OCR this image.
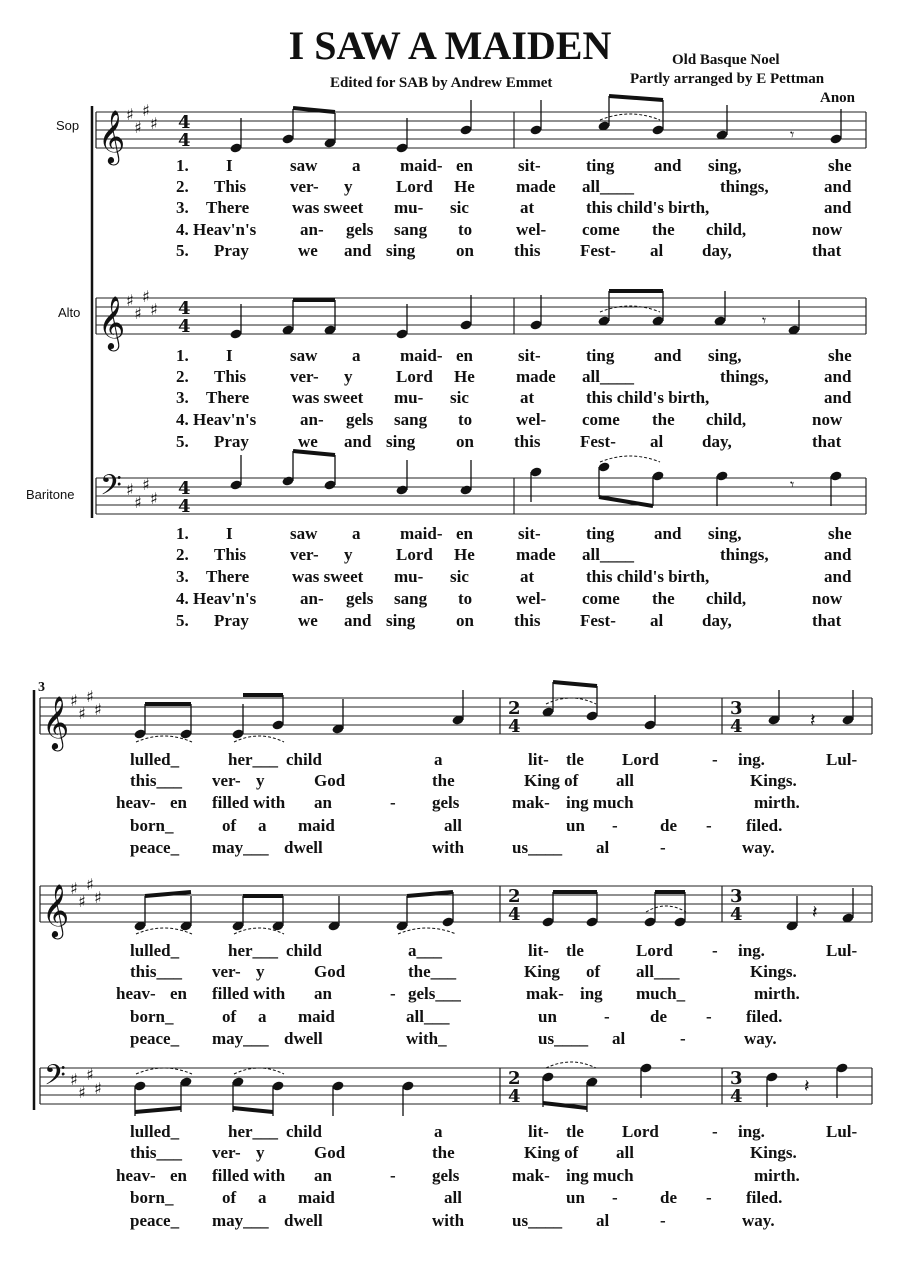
I SAW A MAIDEN
Edited for SAB by Andrew Emmet
Old Basque Noel
Partly arranged by E Pettman
Anon
Sop
Alto
Baritone
3
𝄞 ♯
♯
♯
♯ 4
4
𝄞 ♯
♯
♯
♯ 4
4
𝄢 ♯
♯
♯
♯ 4
4
𝄾
𝄾
𝄾
𝄞 ♯
♯
♯
♯	2
4
3
4
𝄞 ♯
♯
♯
♯	2
4
3
4
𝄢 ♯
♯
♯
♯	2
4
3
4
𝄽
𝄽
𝄽
1. I	saw a maid- en	sit-	ting and sing,	she
2. This	ver- y	Lord He made all____	things,	and
3. There	was sweet mu- sic	at	this child's birth,	and
4. Heav'n's	an- gels sang to	wel- come the child,	now
5. Pray	we and sing on this Fest- al day,	that
1. I	saw a maid- en	sit-	ting and sing,	she
2. This	ver- y	Lord He made all____	things,	and
3. There	was sweet mu- sic	at	this child's birth,	and
4. Heav'n's	an- gels sang to	wel- come the child,	now
5. Pray	we and sing on this Fest- al day,	that
1. I	saw a maid- en	sit-	ting and sing,	she
2. This	ver- y	Lord He made all____	things,	and
3. There	was sweet mu- sic	at	this child's birth,	and
4. Heav'n's	an- gels sang to	wel- come the child,	now
5. Pray	we and sing on this Fest- al day,	that
lulled_	her___ child	a	lit- tle Lord	- ing.	Lul-
this___ ver- y	God	the	King of all	Kings.
heav- en filled with an	- gels	mak- ing much	mirth.
born_	of a maid	all	un - de - filed.
peace_ may___ dwell	with	us____ al	-	way.
lulled_	her___ child	a___	lit- tle	Lord - ing.	Lul-
this___ ver- y	God	the___	King of all___	Kings.
heav- en filled with an	- gels___	mak- ing much_	mirth.
born_	of a maid	all___	un	- de - filed.
peace_ may___ dwell	with_	us____ al	-	way.
lulled_	her___ child	a	lit- tle Lord	- ing.	Lul-
this___ ver- y	God	the	King of all	Kings.
heav- en filled with an	- gels	mak- ing much	mirth.
born_	of a maid	all	un - de - filed.
peace_ may___ dwell	with	us____ al	-	way.
